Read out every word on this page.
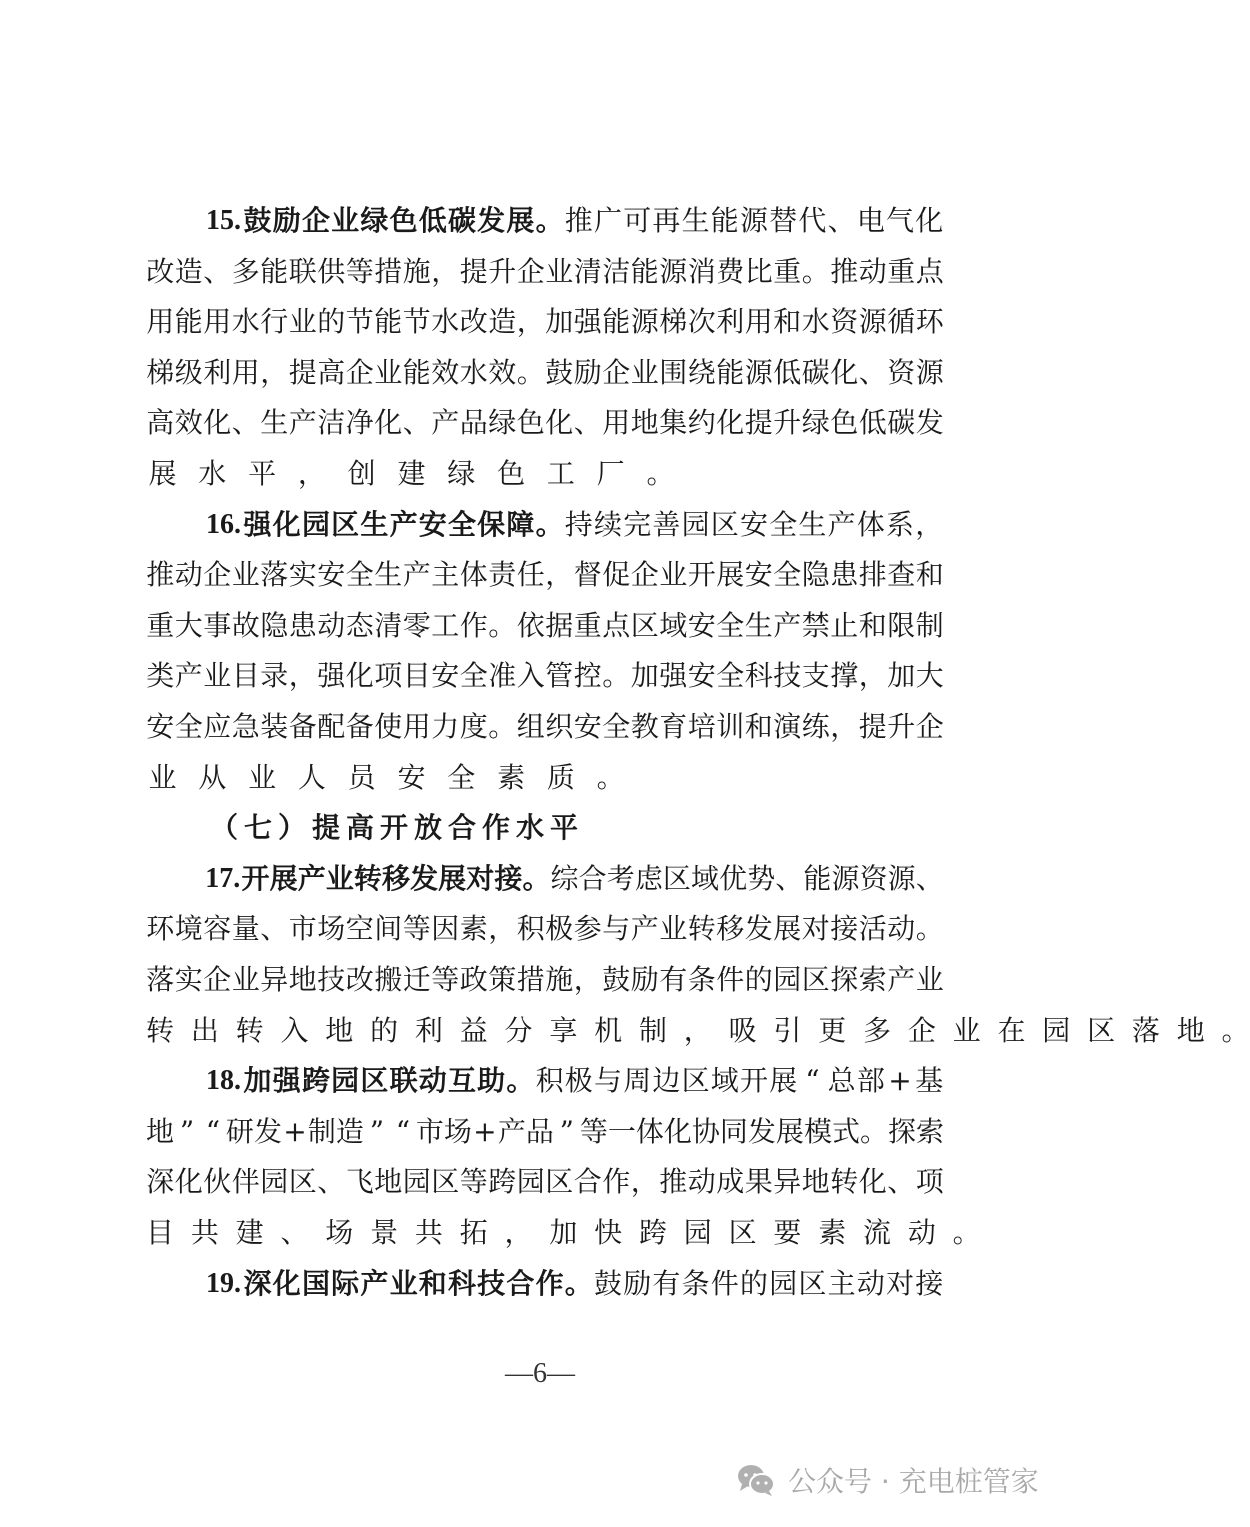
15. 鼓 励 企 业 绿 色 低 碳 发 展 。 推 广 可 再 生 能 源 替 代 、 电 气 化
改 造 、 多 能 联 供 等 措 施 ， 提 升 企 业 清 洁 能 源 消 费 比 重 。 推 动 重 点
用 能 用 水 行 业 的 节 能 节 水 改 造 ， 加 强 能 源 梯 次 利 用 和 水 资 源 循 环
梯 级 利 用 ， 提 高 企 业 能 效 水 效 。 鼓 励 企 业 围 绕 能 源 低 碳 化 、 资 源
高 效 化 、 生 产 洁 净 化 、 产 品 绿 色 化 、 用 地 集 约 化 提 升 绿 色 低 碳 发
展 水 平 ， 创 建 绿 色 工 厂 。
16. 强 化 园 区 生 产 安 全 保 障 。 持 续 完 善 园 区 安 全 生 产 体 系 ，
推 动 企 业 落 实 安 全 生 产 主 体 责 任 ， 督 促 企 业 开 展 安 全 隐 患 排 查 和
重 大 事 故 隐 患 动 态 清 零 工 作 。 依 据 重 点 区 域 安 全 生 产 禁 止 和 限 制
类 产 业 目 录 ， 强 化 项 目 安 全 准 入 管 控 。 加 强 安 全 科 技 支 撑 ， 加 大
安 全 应 急 装 备 配 备 使 用 力 度 。 组 织 安 全 教 育 培 训 和 演 练 ， 提 升 企
业 从 业 人 员 安 全 素 质 。
（七）提高开放合作水平
17. 开 展 产 业 转 移 发 展 对 接 。 综 合 考 虑 区 域 优 势 、 能 源 资 源 、
环 境 容 量 、 市 场 空 间 等 因 素 ， 积 极 参 与 产 业 转 移 发 展 对 接 活 动 。
落 实 企 业 异 地 技 改 搬 迁 等 政 策 措 施 ， 鼓 励 有 条 件 的 园 区 探 索 产 业
转 出 转 入 地 的 利 益 分 享 机 制 ， 吸 引 更 多 企 业 在 园 区 落 地 。
18. 加 强 跨 园 区 联 动 互 助 。 积 极 与 周 边 区 域 开 展 “ 总 部 + 基
地 ” “ 研 发 + 制 造 ” “ 市 场 + 产 品 ” 等 一 体 化 协 同 发 展 模 式 。 探 索
深 化 伙 伴 园 区 、 飞 地 园 区 等 跨 园 区 合 作 ， 推 动 成 果 异 地 转 化 、 项
目 共 建 、 场 景 共 拓 ， 加 快 跨 园 区 要 素 流 动 。
19. 深 化 国 际 产 业 和 科 技 合 作 。 鼓 励 有 条 件 的 园 区 主 动 对 接
—6—
公众号 · 充电桩管家
